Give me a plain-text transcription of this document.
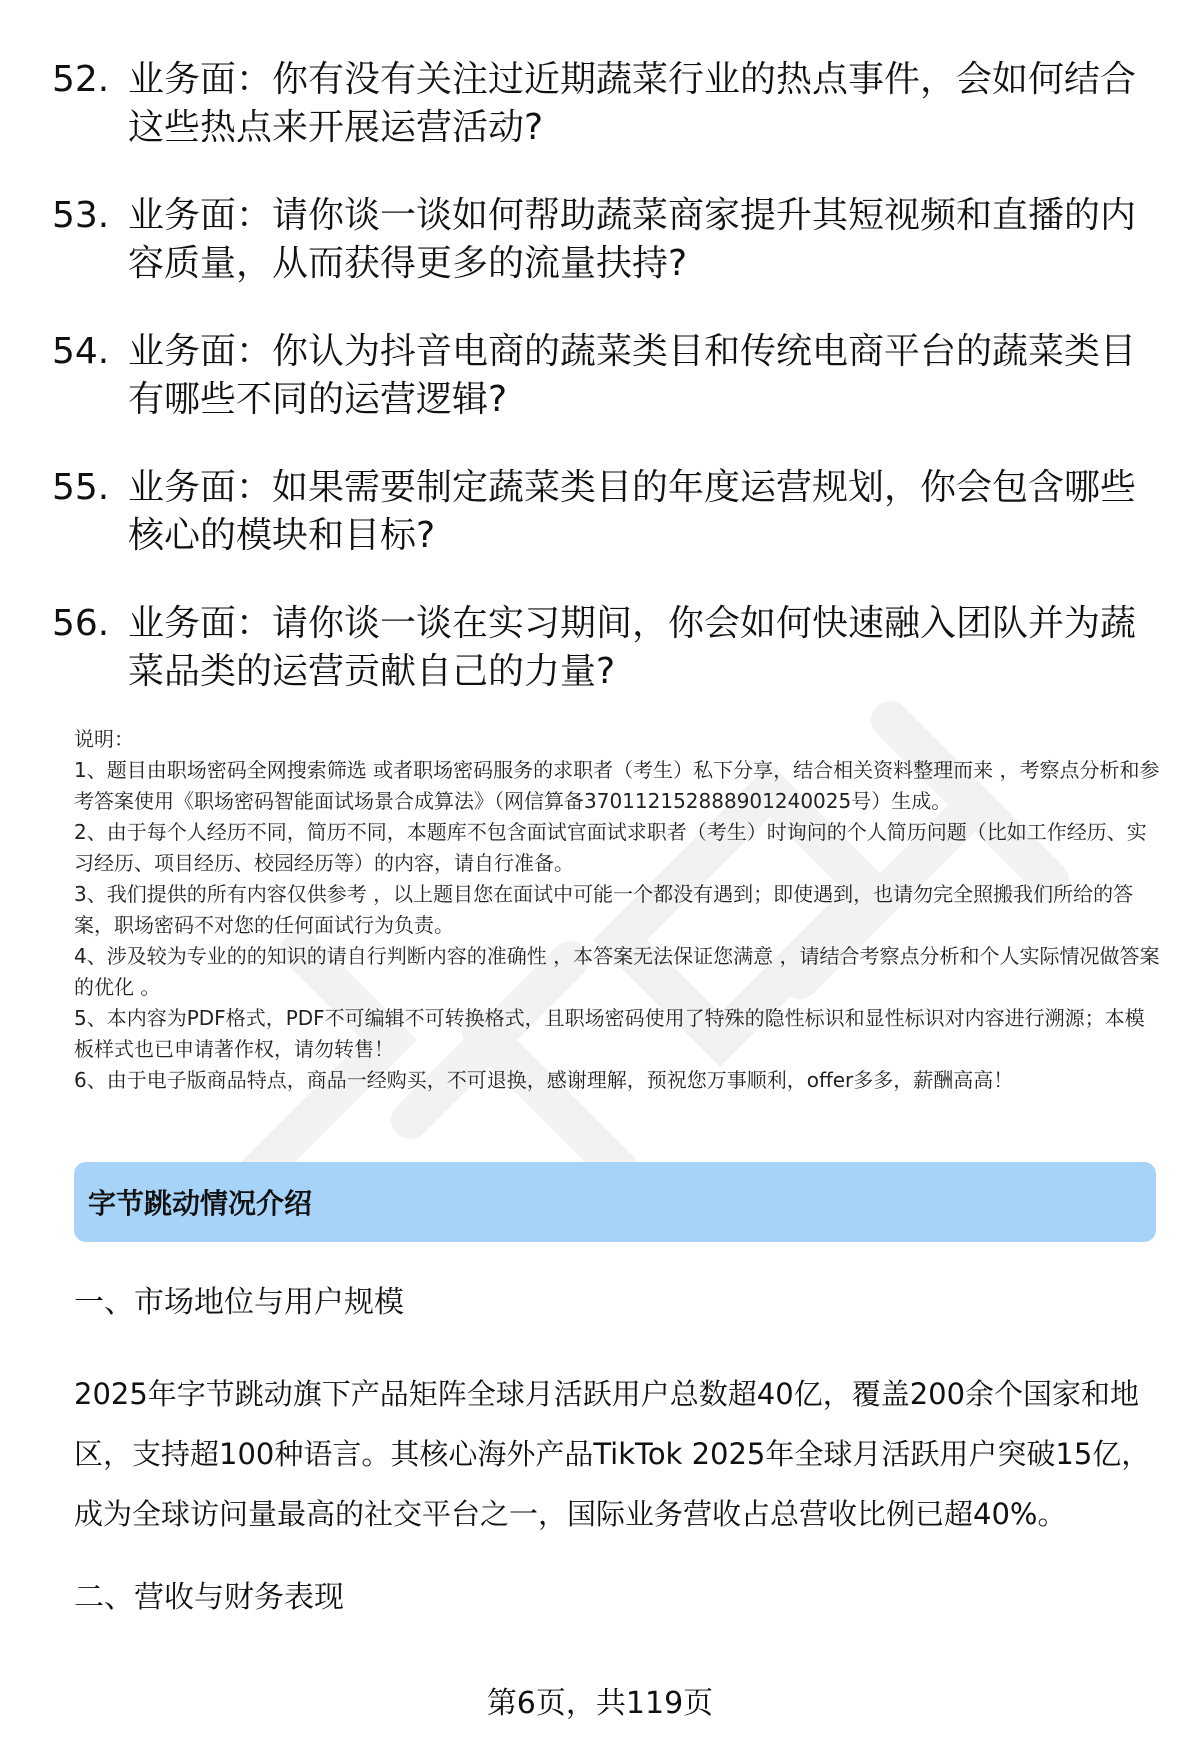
52. 业务面：你有没有关注过近期蔬菜行业的热点事件，会如何结合这些热点来开展运营活动?
53. 业务面：请你谈一谈如何帮助蔬菜商家提升其短视频和直播的内容质量，从而获得更多的流量扶持?
54. 业务面：你认为抖音电商的蔬菜类目和传统电商平台的蔬菜类目有哪些不同的运营逻辑?
55. 业务面：如果需要制定蔬菜类目的年度运营规划，你会包含哪些核心的模块和目标?
56. 业务面：请你谈一谈在实习期间，你会如何快速融入团队并为蔬菜品类的运营贡献自己的力量?

说明：

1、题目由职场密码全网搜索筛选 或者职场密码服务的求职者（考生）私下分享，结合相关资料整理而来 ，考察点分析和参考答案使用《职场密码智能面试场景合成算法》（网信算备370112152888901240025号）生成。

2、由于每个人经历不同，简历不同，本题库不包含面试官面试求职者（考生）时询问的个人简历问题（比如工作经历、实习经历、项目经历、校园经历等）的内容，请自行准备。

3、我们提供的所有内容仅供参考 ，以上题目您在面试中可能一个都没有遇到；即使遇到，也请勿完全照搬我们所给的答案，职场密码不对您的任何面试行为负责。

4、涉及较为专业的的知识的请自行判断内容的准确性 ，本答案无法保证您满意 ，请结合考察点分析和个人实际情况做答案的优化 。

5、本内容为PDF格式，PDF不可编辑不可转换格式，且职场密码使用了特殊的隐性标识和显性标识对内容进行溯源；本模板样式也已申请著作权，请勿转售！

6、由于电子版商品特点，商品一经购买，不可退换，感谢理解，预祝您万事顺利，offer多多，薪酬高高！

字节跳动情况介绍
一、市场地位与用户规模

2025年字节跳动旗下产品矩阵全球月活跃用户总数超40亿，覆盖200余个国家和地区，支持超100种语言。其核心海外产品TikTok 2025年全球月活跃用户突破15亿，成为全球访问量最高的社交平台之一，国际业务营收占总营收比例已超40%。

二、营收与财务表现
第6页，共119页
